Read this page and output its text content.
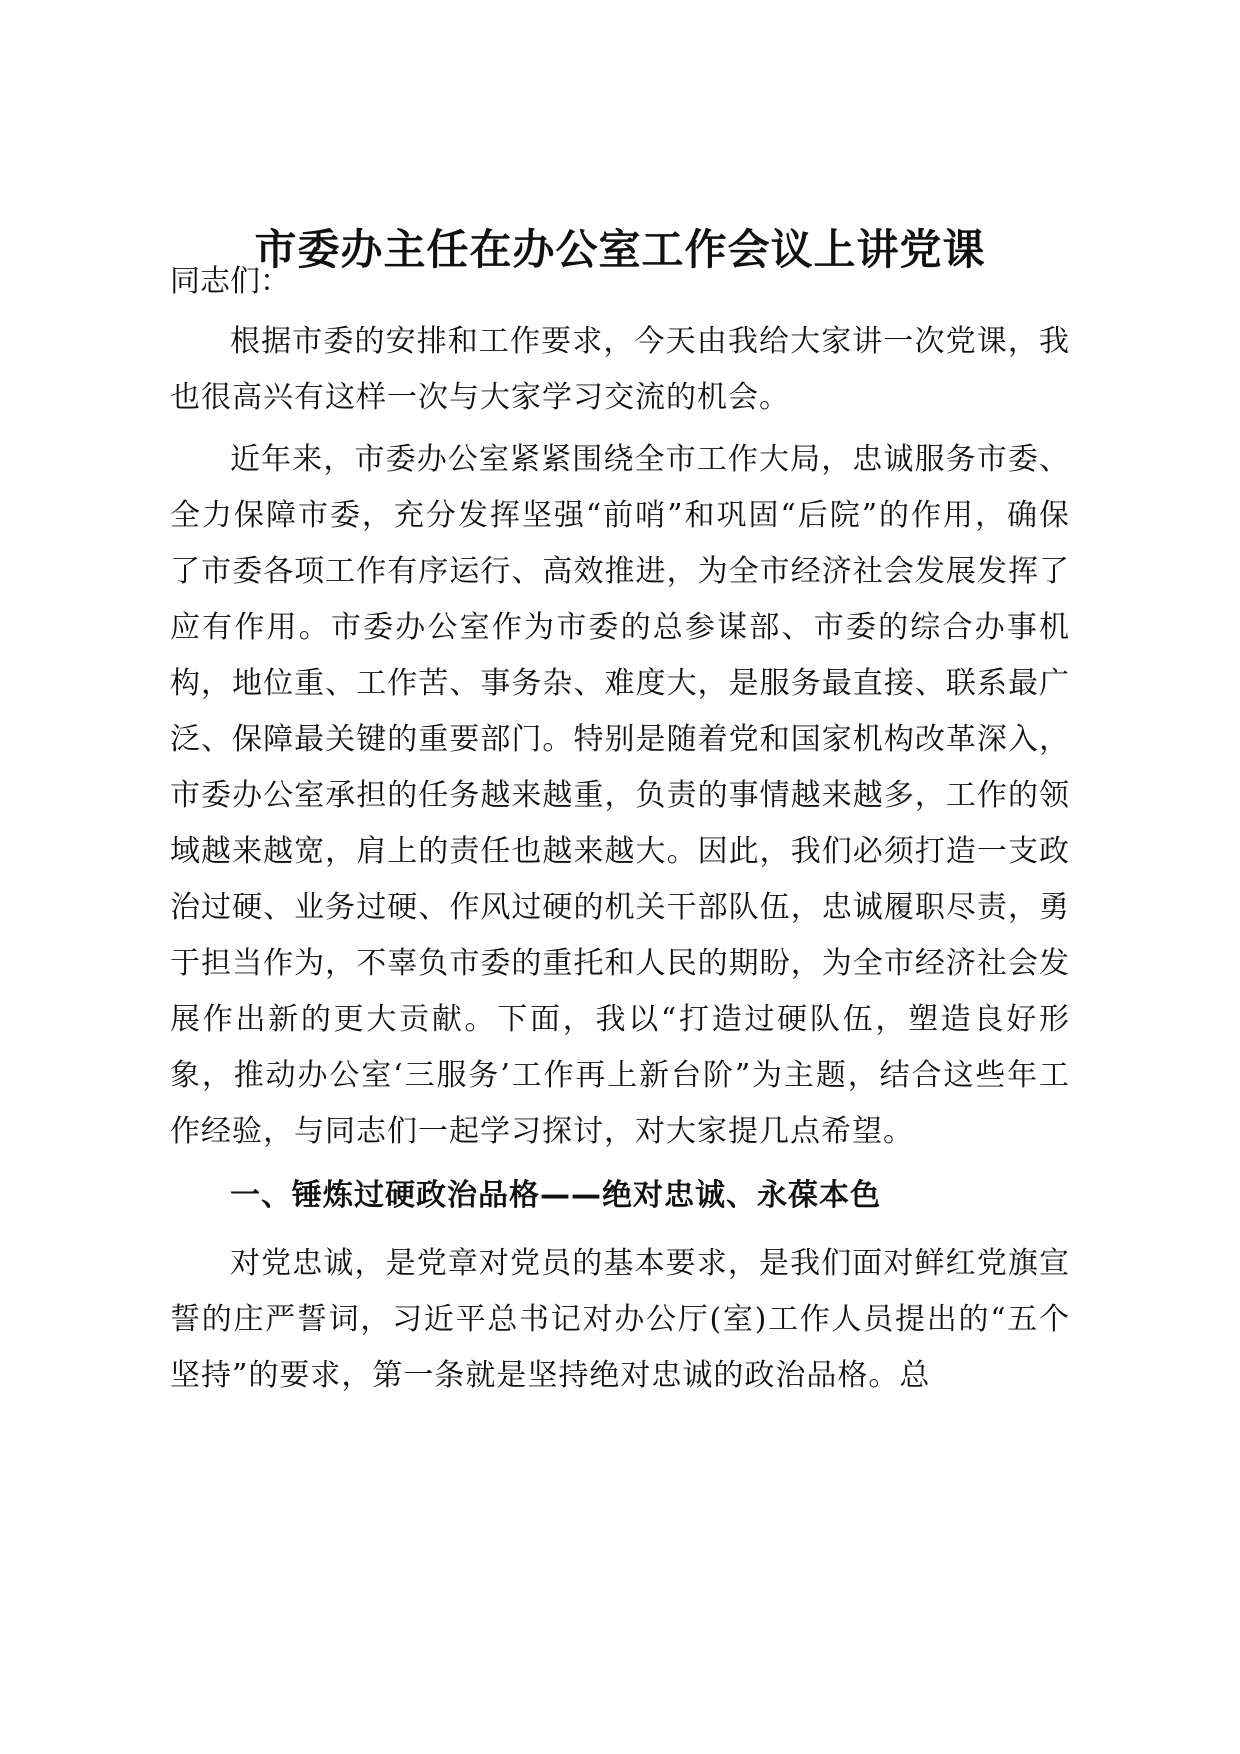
市委办主任在办公室工作会议上讲党课

同志们：

根据市委的安排和工作要求，今天由我给大家讲一次党课，我也很高兴有这样一次与大家学习交流的机会。

近年来，市委办公室紧紧围绕全市工作大局，忠诚服务市委、全力保障市委，充分发挥坚强“前哨”和巩固“后院”的作用，确保了市委各项工作有序运行、高效推进，为全市经济社会发展发挥了应有作用。市委办公室作为市委的总参谋部、市委的综合办事机构，地位重、工作苦、事务杂、难度大，是服务最直接、联系最广泛、保障最关键的重要部门。特别是随着党和国家机构改革深入，市委办公室承担的任务越来越重，负责的事情越来越多，工作的领域越来越宽，肩上的责任也越来越大。因此，我们必须打造一支政治过硬、业务过硬、作风过硬的机关干部队伍，忠诚履职尽责，勇于担当作为，不辜负市委的重托和人民的期盼，为全市经济社会发展作出新的更大贡献。下面，我以“打造过硬队伍，塑造良好形象，推动办公室‘三服务’工作再上新台阶”为主题，结合这些年工作经验，与同志们一起学习探讨，对大家提几点希望。

一、锤炼过硬政治品格——绝对忠诚、永葆本色

对党忠诚，是党章对党员的基本要求，是我们面对鲜红党旗宣誓的庄严誓词，习近平总书记对办公厅(室)工作人员提出的“五个坚持”的要求，第一条就是坚持绝对忠诚的政治品格。总
